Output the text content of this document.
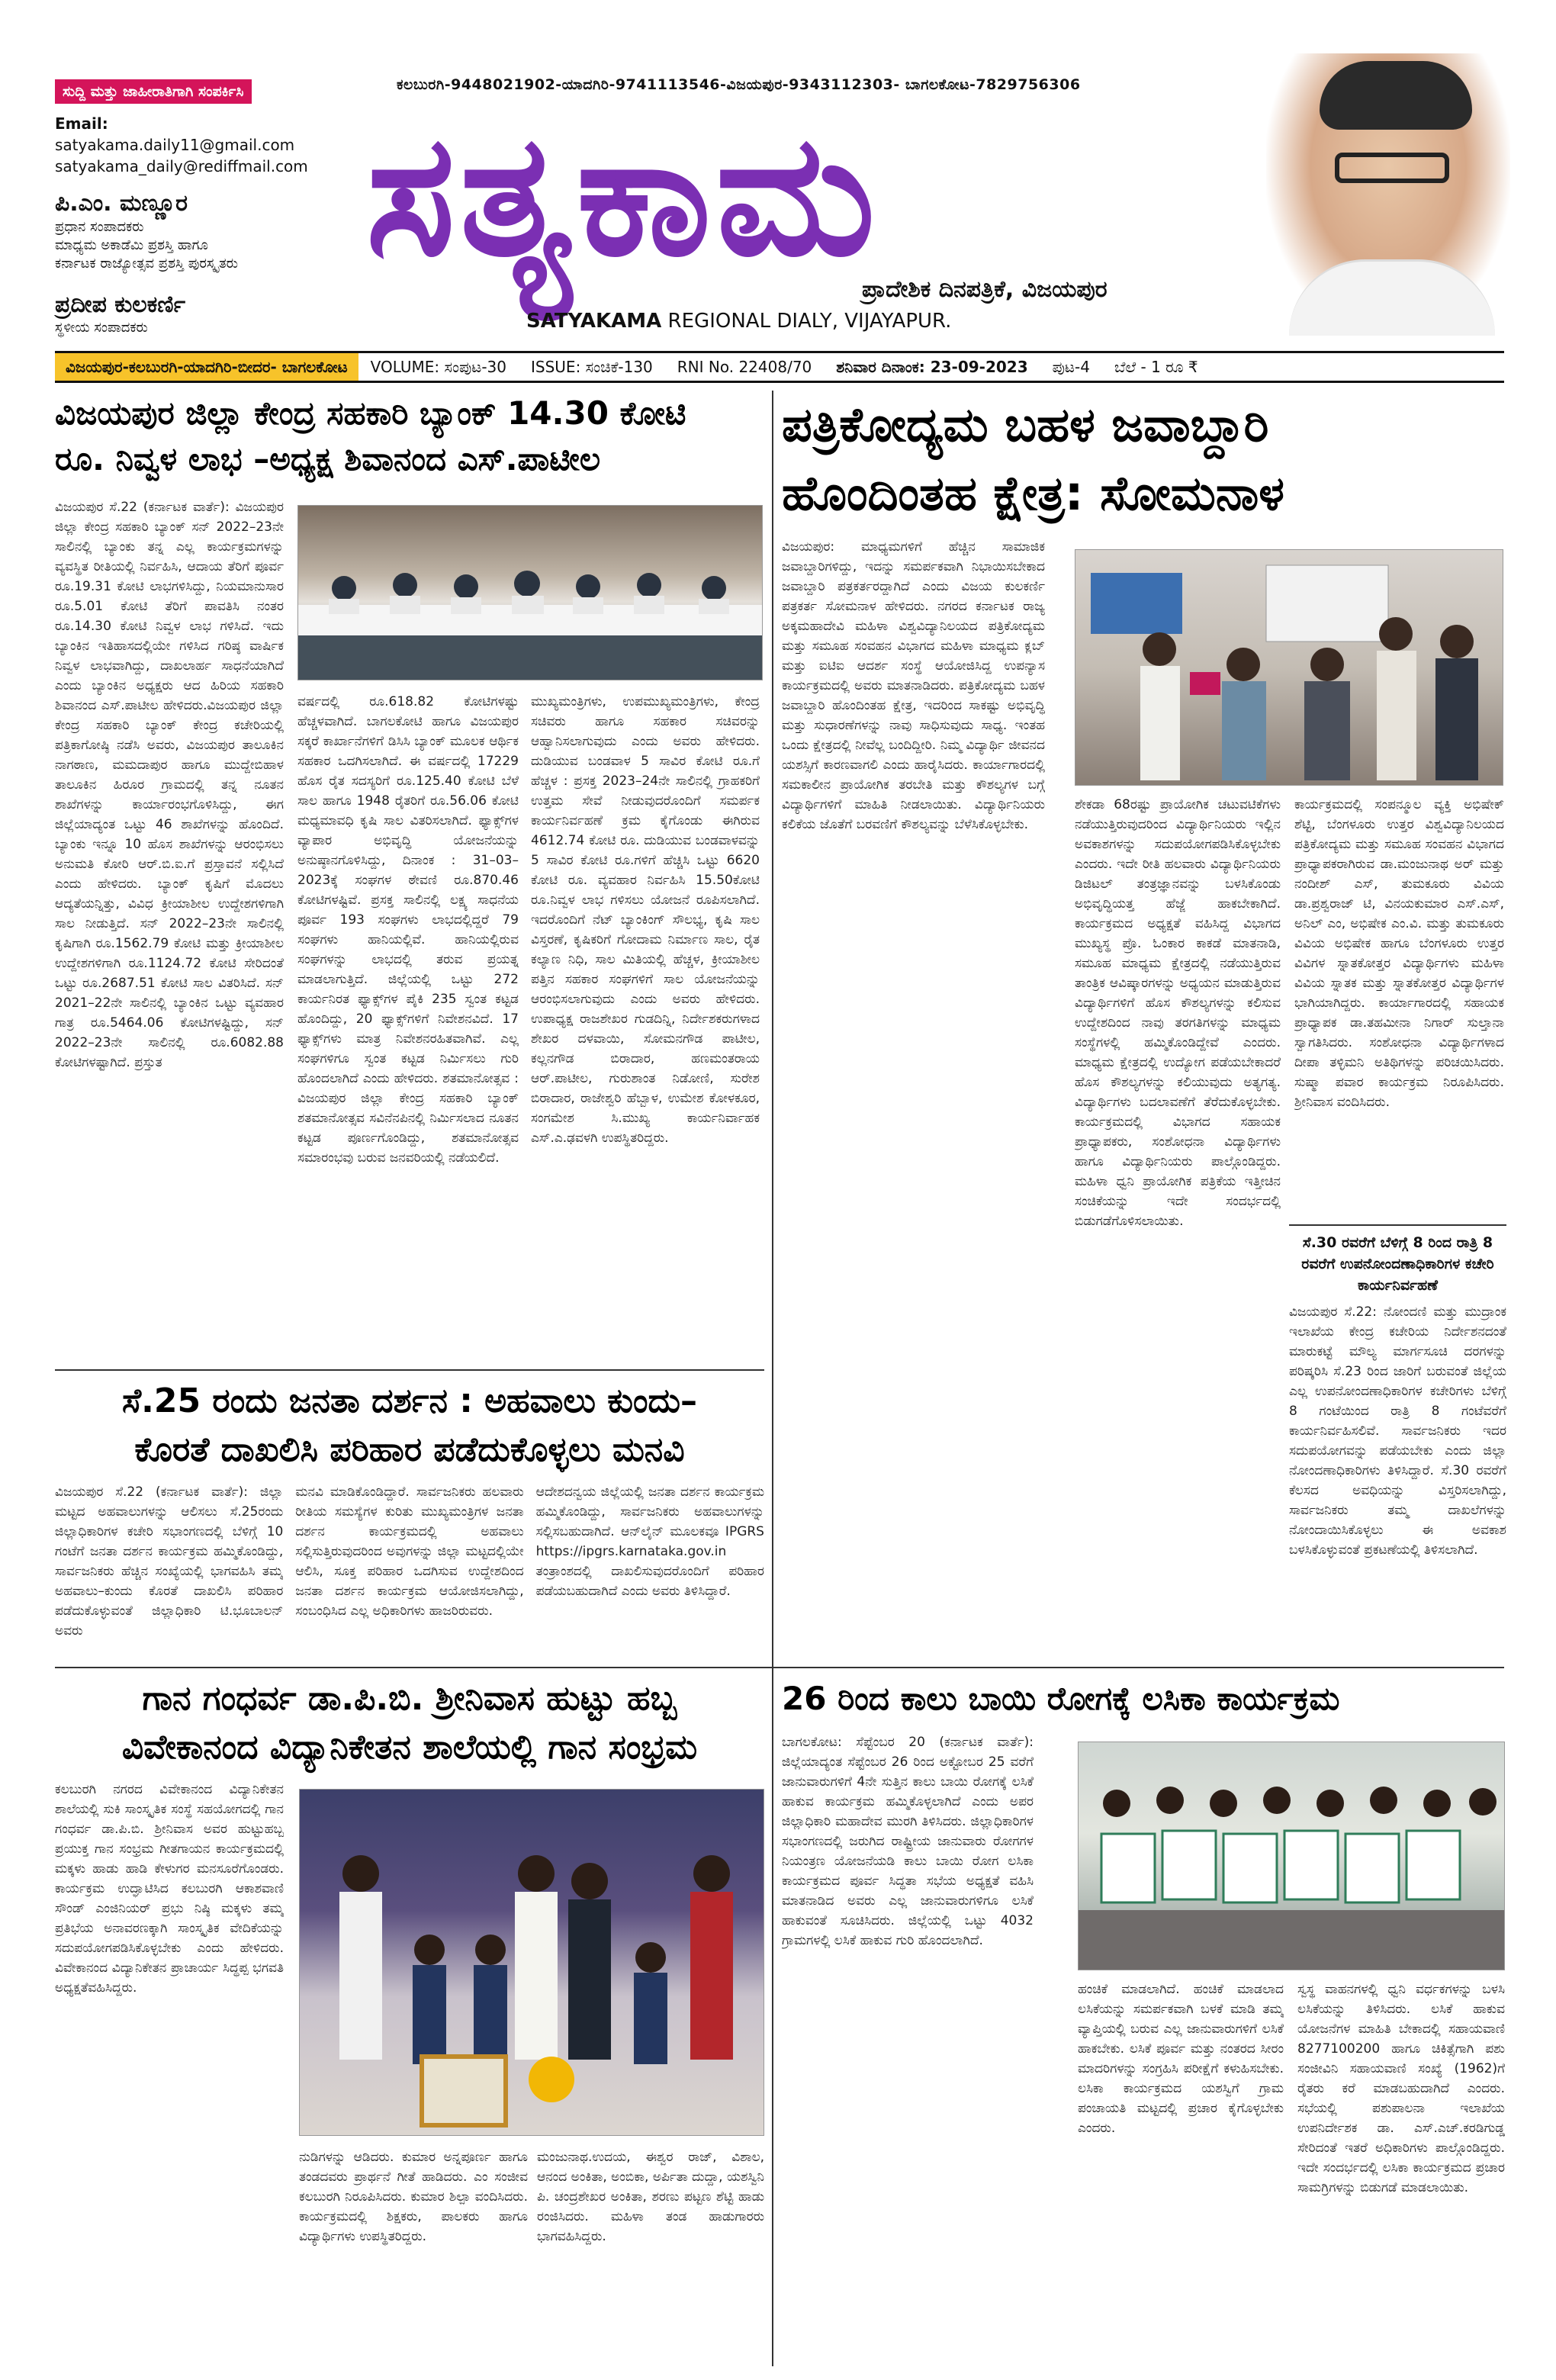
ಸುದ್ದಿ ಮತ್ತು ಜಾಹೀರಾತಿಗಾಗಿ ಸಂಪರ್ಕಿಸಿ
Email:
satyakama.daily11@gmail.com
satyakama_daily@rediffmail.com
ಪಿ.ಎಂ. ಮಣ್ಣೂರ
ಪ್ರಧಾನ ಸಂಪಾದಕರು
ಮಾಧ್ಯಮ ಅಕಾಡೆಮಿ ಪ್ರಶಸ್ತಿ ಹಾಗೂ
ಕರ್ನಾಟಕ ರಾಜ್ಯೋತ್ಸವ ಪ್ರಶಸ್ತಿ ಪುರಸ್ಕೃತರು
ಪ್ರದೀಪ ಕುಲಕರ್ಣಿ
ಸ್ಥಳೀಯ ಸಂಪಾದಕರು
ಕಲಬುರಗಿ-9448021902-ಯಾದಗಿರಿ-9741113546-ವಿಜಯಪುರ-9343112303- ಬಾಗಲಕೋಟ-7829756306
ಸತ್ಯಕಾಮ
ಪ್ರಾದೇಶಿಕ ದಿನಪತ್ರಿಕೆ, ವಿಜಯಪುರ
SATYAKAMA REGIONAL DIALY, VIJAYAPUR.
ವಿಜಯಪುರ-ಕಲಬುರಗಿ-ಯಾದಗಿರಿ-ಬೀದರ- ಬಾಗಲಕೋಟ	VOLUME: ಸಂಪುಟ-30	ISSUE: ಸಂಚಿಕೆ-130	RNI No. 22408/70	ಶನಿವಾರ ದಿನಾಂಕ: 23-09-2023	ಪುಟ-4	ಬೆಲೆ - 1 ರೂ ₹
ವಿಜಯಪುರ ಜಿಲ್ಲಾ ಕೇಂದ್ರ ಸಹಕಾರಿ ಬ್ಯಾಂಕ್ 14.30 ಕೋಟಿ
ರೂ. ನಿವ್ವಳ ಲಾಭ –ಅಧ್ಯಕ್ಷ ಶಿವಾನಂದ ಎಸ್.ಪಾಟೀಲ
ವಿಜಯಪುರ ಸೆ.22 (ಕರ್ನಾಟಕ ವಾರ್ತೆ): ವಿಜಯಪುರ ಜಿಲ್ಲಾ ಕೇಂದ್ರ ಸಹಕಾರಿ ಬ್ಯಾಂಕ್ ಸನ್ 2022–23ನೇ ಸಾಲಿನಲ್ಲಿ ಬ್ಯಾಂಕು ತನ್ನ ಎಲ್ಲ ಕಾರ್ಯಕ್ರಮಗಳನ್ನು ವ್ಯವಸ್ಥಿತ ರೀತಿಯಲ್ಲಿ ನಿರ್ವಹಿಸಿ, ಆದಾಯ ತೆರಿಗೆ ಪೂರ್ವ ರೂ.19.31 ಕೋಟಿ ಲಾಭಗಳಿಸಿದ್ದು, ನಿಯಮಾನುಸಾರ ರೂ.5.01 ಕೋಟಿ ತೆರಿಗೆ ಪಾವತಿಸಿ ನಂತರ ರೂ.14.30 ಕೋಟಿ ನಿವ್ವಳ ಲಾಭ ಗಳಿಸಿದೆ. ಇದು ಬ್ಯಾಂಕಿನ ಇತಿಹಾಸದಲ್ಲಿಯೇ ಗಳಿಸಿದ ಗರಿಷ್ಠ ವಾರ್ಷಿಕ ನಿವ್ವಳ ಲಾಭವಾಗಿದ್ದು, ದಾಖಲಾರ್ಹ ಸಾಧನೆಯಾಗಿದೆ ಎಂದು ಬ್ಯಾಂಕಿನ ಅಧ್ಯಕ್ಷರು ಆದ ಹಿರಿಯ ಸಹಕಾರಿ ಶಿವಾನಂದ ಎಸ್.ಪಾಟೀಲ ಹೇಳಿದರು.ವಿಜಯಪುರ ಜಿಲ್ಲಾ ಕೇಂದ್ರ ಸಹಕಾರಿ ಬ್ಯಾಂಕ್ ಕೇಂದ್ರ ಕಚೇರಿಯಲ್ಲಿ ಪತ್ರಿಕಾಗೋಷ್ಠಿ ನಡೆಸಿ ಅವರು, ವಿಜಯಪುರ ತಾಲೂಕಿನ ನಾಗಠಾಣ, ಮಮದಾಪುರ ಹಾಗೂ ಮುದ್ದೇಬಿಹಾಳ ತಾಲೂಕಿನ ಹಿರೂರ ಗ್ರಾಮದಲ್ಲಿ ತನ್ನ ನೂತನ ಶಾಖೆಗಳನ್ನು ಕಾರ್ಯಾರಂಭಗೊಳಿಸಿದ್ದು, ಈಗ ಜಿಲ್ಲೆಯಾದ್ಯಂತ ಒಟ್ಟು 46 ಶಾಖೆಗಳನ್ನು ಹೊಂದಿದೆ. ಬ್ಯಾಂಕು ಇನ್ನೂ 10 ಹೊಸ ಶಾಖೆಗಳನ್ನು ಆರಂಭಿಸಲು ಅನುಮತಿ ಕೋರಿ ಆರ್.ಬಿ.ಐ.ಗೆ ಪ್ರಸ್ತಾವನೆ ಸಲ್ಲಿಸಿದೆ ಎಂದು ಹೇಳಿದರು. ಬ್ಯಾಂಕ್ ಕೃಷಿಗೆ ಮೊದಲು ಆದ್ಯತೆಯನ್ನಿತ್ತು, ವಿವಿಧ ಕ್ರೀಯಾಶೀಲ ಉದ್ದೇಶಗಳಿಗಾಗಿ ಸಾಲ ನೀಡುತ್ತಿದೆ. ಸನ್ 2022–23ನೇ ಸಾಲಿನಲ್ಲಿ ಕೃಷಿಗಾಗಿ ರೂ.1562.79 ಕೋಟಿ ಮತ್ತು ಕ್ರೀಯಾಶೀಲ ಉದ್ದೇಶಗಳಿಗಾಗಿ ರೂ.1124.72 ಕೋಟಿ ಸೇರಿದಂತೆ ಒಟ್ಟು ರೂ.2687.51 ಕೋಟಿ ಸಾಲ ವಿತರಿಸಿದೆ. ಸನ್ 2021–22ನೇ ಸಾಲಿನಲ್ಲಿ ಬ್ಯಾಂಕಿನ ಒಟ್ಟು ವ್ಯವಹಾರ ಗಾತ್ರ ರೂ.5464.06 ಕೋಟಿಗಳಷ್ಟಿದ್ದು, ಸನ್ 2022–23ನೇ ಸಾಲಿನಲ್ಲಿ ರೂ.6082.88 ಕೋಟಿಗಳಷ್ಟಾಗಿದೆ. ಪ್ರಸ್ತುತ
ವರ್ಷದಲ್ಲಿ ರೂ.618.82 ಕೋಟಿಗಳಷ್ಟು ಹೆಚ್ಚಳವಾಗಿದೆ. ಬಾಗಲಕೋಟಿ ಹಾಗೂ ವಿಜಯಪುರ ಸಕ್ಕರೆ ಕಾರ್ಖಾನೆಗಳಿಗೆ ಡಿಸಿಸಿ ಬ್ಯಾಂಕ್ ಮೂಲಕ ಆರ್ಥಿಕ ಸಹಕಾರ ಒದಗಿಸಲಾಗಿದೆ. ಈ ವರ್ಷದಲ್ಲಿ 17229 ಹೊಸ ರೈತ ಸದಸ್ಯರಿಗೆ ರೂ.125.40 ಕೋಟಿ ಬೆಳೆ ಸಾಲ ಹಾಗೂ 1948 ರೈತರಿಗೆ ರೂ.56.06 ಕೋಟಿ ಮಧ್ಯಮಾವಧಿ ಕೃಷಿ ಸಾಲ ವಿತರಿಸಲಾಗಿದೆ. ಫ್ಯಾಕ್ಸ್‌ಗಳ ವ್ಯಾಪಾರ ಅಭಿವೃದ್ಧಿ ಯೋಜನೆಯನ್ನು ಅನುಷ್ಠಾನಗೊಳಿಸಿದ್ದು, ದಿನಾಂಕ : 31–03–2023ಕ್ಕೆ ಸಂಘಗಳ ಠೇವಣಿ ರೂ.870.46 ಕೋಟಿಗಳಷ್ಟಿವೆ. ಪ್ರಸಕ್ತ ಸಾಲಿನಲ್ಲಿ ಲಕ್ಷ್ಯ ಸಾಧನೆಯ ಪೂರ್ವ 193 ಸಂಘಗಳು ಲಾಭದಲ್ಲಿದ್ದರೆ 79 ಸಂಘಗಳು ಹಾನಿಯಲ್ಲಿವೆ. ಹಾನಿಯಲ್ಲಿರುವ ಸಂಘಗಳನ್ನು ಲಾಭದಲ್ಲಿ ತರುವ ಪ್ರಯತ್ನ ಮಾಡಲಾಗುತ್ತಿದೆ. ಜಿಲ್ಲೆಯಲ್ಲಿ ಒಟ್ಟು 272 ಕಾರ್ಯನಿರತ ಫ್ಯಾಕ್ಸ್‌ಗಳ ಪೈಕಿ 235 ಸ್ವಂತ ಕಟ್ಟಡ ಹೊಂದಿದ್ದು, 20 ಫ್ಯಾಕ್ಸ್‌ಗಳಿಗೆ ನಿವೇಶನವಿದೆ. 17 ಫ್ಯಾಕ್ಸ್‌ಗಳು ಮಾತ್ರ ನಿವೇಶನರಹಿತವಾಗಿವೆ. ಎಲ್ಲ ಸಂಘಗಳಿಗೂ ಸ್ವಂತ ಕಟ್ಟಡ ನಿರ್ಮಿಸಲು ಗುರಿ ಹೊಂದಲಾಗಿದೆ ಎಂದು ಹೇಳಿದರು. ಶತಮಾನೋತ್ಸವ : ವಿಜಯಪುರ ಜಿಲ್ಲಾ ಕೇಂದ್ರ ಸಹಕಾರಿ ಬ್ಯಾಂಕ್ ಶತಮಾನೋತ್ಸವ ಸವಿನೆನಪಿನಲ್ಲಿ ನಿರ್ಮಿಸಲಾದ ನೂತನ ಕಟ್ಟಡ ಪೂರ್ಣಗೊಂಡಿದ್ದು, ಶತಮಾನೋತ್ಸವ ಸಮಾರಂಭವು ಬರುವ ಜನವರಿಯಲ್ಲಿ ನಡೆಯಲಿದೆ.
ಮುಖ್ಯಮಂತ್ರಿಗಳು, ಉಪಮುಖ್ಯಮಂತ್ರಿಗಳು, ಕೇಂದ್ರ ಸಚಿವರು ಹಾಗೂ ಸಹಕಾರ ಸಚಿವರನ್ನು ಆಹ್ವಾನಿಸಲಾಗುವುದು ಎಂದು ಅವರು ಹೇಳಿದರು. ದುಡಿಯುವ ಬಂಡವಾಳ 5 ಸಾವಿರ ಕೋಟಿ ರೂ.ಗೆ ಹೆಚ್ಚಳ : ಪ್ರಸಕ್ತ 2023–24ನೇ ಸಾಲಿನಲ್ಲಿ ಗ್ರಾಹಕರಿಗೆ ಉತ್ತಮ ಸೇವೆ ನೀಡುವುದರೊಂದಿಗೆ ಸಮರ್ಪಕ ಕಾರ್ಯನಿರ್ವಹಣೆ ಕ್ರಮ ಕೈಗೊಂಡು ಈಗಿರುವ 4612.74 ಕೋಟಿ ರೂ. ದುಡಿಯುವ ಬಂಡವಾಳವನ್ನು 5 ಸಾವಿರ ಕೋಟಿ ರೂ.ಗಳಿಗೆ ಹೆಚ್ಚಿಸಿ ಒಟ್ಟು 6620 ಕೋಟಿ ರೂ. ವ್ಯವಹಾರ ನಿರ್ವಹಿಸಿ 15.50ಕೋಟಿ ರೂ.ನಿವ್ವಳ ಲಾಭ ಗಳಿಸಲು ಯೋಜನೆ ರೂಪಿಸಲಾಗಿದೆ. ಇದರೊಂದಿಗೆ ನೆಟ್ ಬ್ಯಾಂಕಿಂಗ್ ಸೌಲಭ್ಯ, ಕೃಷಿ ಸಾಲ ವಿಸ್ತರಣೆ, ಕೃಷಿಕರಿಗೆ ಗೋದಾಮ ನಿರ್ಮಾಣ ಸಾಲ, ರೈತ ಕಲ್ಯಾಣ ನಿಧಿ, ಸಾಲ ಮಿತಿಯಲ್ಲಿ ಹೆಚ್ಚಳ, ಕ್ರೀಯಾಶೀಲ ಪತ್ತಿನ ಸಹಕಾರ ಸಂಘಗಳಿಗೆ ಸಾಲ ಯೋಜನೆಯನ್ನು ಆರಂಭಿಸಲಾಗುವುದು ಎಂದು ಅವರು ಹೇಳಿದರು. ಉಪಾಧ್ಯಕ್ಷ ರಾಜಶೇಖರ ಗುಡದಿನ್ನಿ, ನಿರ್ದೇಶಕರುಗಳಾದ ಶೇಖರ ದಳವಾಯಿ, ಸೋಮನಗೌಡ ಪಾಟೀಲ, ಕಲ್ಲನಗೌಡ ಬಿರಾದಾರ, ಹಣಮಂತರಾಯ ಆರ್.ಪಾಟೀಲ, ಗುರುಶಾಂತ ನಿಡೋಣಿ, ಸುರೇಶ ಬಿರಾದಾರ, ರಾಜೇಶ್ವರಿ ಹೆಬ್ಬಾಳ, ಉಮೇಶ ಕೋಳಕೂರ, ಸಂಗಮೇಶ ಸಿ.ಮುಖ್ಯ ಕಾರ್ಯನಿರ್ವಾಹಕ ಎಸ್.ಎ.ಢವಳಗಿ ಉಪಸ್ಥಿತರಿದ್ದರು.
ಪತ್ರಿಕೋದ್ಯಮ ಬಹಳ ಜವಾಬ್ದಾರಿ
ಹೊಂದಿಂತಹ ಕ್ಷೇತ್ರ: ಸೋಮನಾಳ
ವಿಜಯಪುರ: ಮಾಧ್ಯಮಗಳಿಗೆ ಹೆಚ್ಚಿನ ಸಾಮಾಜಿಕ ಜವಾಬ್ದಾರಿಗಳಿದ್ದು, ಇದನ್ನು ಸಮರ್ಪಕವಾಗಿ ನಿಭಾಯಿಸಬೇಕಾದ ಜವಾಬ್ದಾರಿ ಪತ್ರಕರ್ತರದ್ದಾಗಿದೆ ಎಂದು ವಿಜಯ ಕುಲಕರ್ಣಿ ಪತ್ರಕರ್ತ ಸೋಮನಾಳ ಹೇಳಿದರು. ನಗರದ ಕರ್ನಾಟಕ ರಾಜ್ಯ ಅಕ್ಕಮಹಾದೇವಿ ಮಹಿಳಾ ವಿಶ್ವವಿದ್ಯಾನಿಲಯದ ಪತ್ರಿಕೋದ್ಯಮ ಮತ್ತು ಸಮೂಹ ಸಂವಹನ ವಿಭಾಗದ ಮಹಿಳಾ ಮಾಧ್ಯಮ ಕ್ಲಬ್ ಮತ್ತು ಐಟಿಐ ಆದರ್ಶ ಸಂಸ್ಥೆ ಆಯೋಜಿಸಿದ್ದ ಉಪನ್ಯಾಸ ಕಾರ್ಯಕ್ರಮದಲ್ಲಿ ಅವರು ಮಾತನಾಡಿದರು. ಪತ್ರಿಕೋದ್ಯಮ ಬಹಳ ಜವಾಬ್ದಾರಿ ಹೊಂದಿಂತಹ ಕ್ಷೇತ್ರ, ಇದರಿಂದ ಸಾಕಷ್ಟು ಅಭಿವೃದ್ಧಿ ಮತ್ತು ಸುಧಾರಣೆಗಳನ್ನು ನಾವು ಸಾಧಿಸುವುದು ಸಾಧ್ಯ. ಇಂತಹ ಒಂದು ಕ್ಷೇತ್ರದಲ್ಲಿ ನೀವೆಲ್ಲ ಬಂದಿದ್ದೀರಿ. ನಿಮ್ಮ ವಿದ್ಯಾರ್ಥಿ ಜೀವನದ ಯಶಸ್ಸಿಗೆ ಕಾರಣವಾಗಲಿ ಎಂದು ಹಾರೈಸಿದರು. ಕಾರ್ಯಾಗಾರದಲ್ಲಿ ಸಮಕಾಲೀನ ಪ್ರಾಯೋಗಿಕ ತರಬೇತಿ ಮತ್ತು ಕೌಶಲ್ಯಗಳ ಬಗ್ಗೆ ವಿದ್ಯಾರ್ಥಿಗಳಿಗೆ ಮಾಹಿತಿ ನೀಡಲಾಯಿತು. ವಿದ್ಯಾರ್ಥಿನಿಯರು ಕಲಿಕೆಯ ಜೊತೆಗೆ ಬರವಣಿಗೆ ಕೌಶಲ್ಯವನ್ನು ಬೆಳೆಸಿಕೊಳ್ಳಬೇಕು.
ಶೇಕಡಾ 68ರಷ್ಟು ಪ್ರಾಯೋಗಿಕ ಚಟುವಟಿಕೆಗಳು ನಡೆಯುತ್ತಿರುವುದರಿಂದ ವಿದ್ಯಾರ್ಥಿನಿಯರು ಇಲ್ಲಿನ ಅವಕಾಶಗಳನ್ನು ಸದುಪಯೋಗಪಡಿಸಿಕೊಳ್ಳಬೇಕು ಎಂದರು. ಇದೇ ರೀತಿ ಹಲವಾರು ವಿದ್ಯಾರ್ಥಿನಿಯರು ಡಿಜಿಟಲ್ ತಂತ್ರಜ್ಞಾನವನ್ನು ಬಳಸಿಕೊಂಡು ಅಭಿವೃದ್ಧಿಯತ್ತ ಹೆಜ್ಜೆ ಹಾಕಬೇಕಾಗಿದೆ. ಕಾರ್ಯಕ್ರಮದ ಅಧ್ಯಕ್ಷತೆ ವಹಿಸಿದ್ದ ವಿಭಾಗದ ಮುಖ್ಯಸ್ಥ ಪ್ರೊ. ಓಂಕಾರ ಕಾಕಡೆ ಮಾತನಾಡಿ, ಸಮೂಹ ಮಾಧ್ಯಮ ಕ್ಷೇತ್ರದಲ್ಲಿ ನಡೆಯುತ್ತಿರುವ ತಾಂತ್ರಿಕ ಆವಿಷ್ಕಾರಗಳನ್ನು ಅಧ್ಯಯನ ಮಾಡುತ್ತಿರುವ ವಿದ್ಯಾರ್ಥಿಗಳಿಗೆ ಹೊಸ ಕೌಶಲ್ಯಗಳನ್ನು ಕಲಿಸುವ ಉದ್ದೇಶದಿಂದ ನಾವು ತರಗತಿಗಳನ್ನು ಮಾಧ್ಯಮ ಸಂಸ್ಥೆಗಳಲ್ಲಿ ಹಮ್ಮಿಕೊಂಡಿದ್ದೇವೆ ಎಂದರು. ಮಾಧ್ಯಮ ಕ್ಷೇತ್ರದಲ್ಲಿ ಉದ್ಯೋಗ ಪಡೆಯಬೇಕಾದರೆ ಹೊಸ ಕೌಶಲ್ಯಗಳನ್ನು ಕಲಿಯುವುದು ಅತ್ಯಗತ್ಯ. ವಿದ್ಯಾರ್ಥಿಗಳು ಬದಲಾವಣೆಗೆ ತೆರೆದುಕೊಳ್ಳಬೇಕು. ಕಾರ್ಯಕ್ರಮದಲ್ಲಿ ವಿಭಾಗದ ಸಹಾಯಕ ಪ್ರಾಧ್ಯಾಪಕರು, ಸಂಶೋಧನಾ ವಿದ್ಯಾರ್ಥಿಗಳು ಹಾಗೂ ವಿದ್ಯಾರ್ಥಿನಿಯರು ಪಾಲ್ಗೊಂಡಿದ್ದರು. ಮಹಿಳಾ ಧ್ವನಿ ಪ್ರಾಯೋಗಿಕ ಪತ್ರಿಕೆಯ ಇತ್ತೀಚಿನ ಸಂಚಿಕೆಯನ್ನು ಇದೇ ಸಂದರ್ಭದಲ್ಲಿ ಬಿಡುಗಡೆಗೊಳಿಸಲಾಯಿತು.
ಕಾರ್ಯಕ್ರಮದಲ್ಲಿ ಸಂಪನ್ಮೂಲ ವ್ಯಕ್ತಿ ಅಭಿಷೇಕ್ ಶೆಟ್ಟಿ, ಬೆಂಗಳೂರು ಉತ್ತರ ವಿಶ್ವವಿದ್ಯಾನಿಲಯದ ಪತ್ರಿಕೋದ್ಯಮ ಮತ್ತು ಸಮೂಹ ಸಂವಹನ ವಿಭಾಗದ ಪ್ರಾಧ್ಯಾಪಕರಾಗಿರುವ ಡಾ.ಮಂಜುನಾಥ ಅರ್ ಮತ್ತು ನಂದೀಶ್ ಎಸ್, ತುಮಕೂರು ವಿವಿಯ ಡಾ.ಪ್ರಶ್ವರಾಜ್ ಟಿ, ವಿನಯಕುಮಾರ ಎಸ್.ಎಸ್, ಅನಿಲ್ ಎಂ, ಅಭಿಷೇಕ ಎಂ.ವಿ. ಮತ್ತು ತುಮಕೂರು ವಿವಿಯ ಅಭಿಷೇಕ ಹಾಗೂ ಬೆಂಗಳೂರು ಉತ್ತರ ವಿವಿಗಳ ಸ್ನಾತಕೋತ್ತರ ವಿದ್ಯಾರ್ಥಿಗಳು ಮಹಿಳಾ ವಿವಿಯ ಸ್ನಾತಕ ಮತ್ತು ಸ್ನಾತಕೋತ್ತರ ವಿದ್ಯಾರ್ಥಿಗಳ ಭಾಗಿಯಾಗಿದ್ದರು. ಕಾರ್ಯಾಗಾರದಲ್ಲಿ ಸಹಾಯಕ ಪ್ರಾಧ್ಯಾಪಕ ಡಾ.ತಹಮೀನಾ ನಿಗಾರ್ ಸುಲ್ತಾನಾ ಸ್ವಾಗತಿಸಿದರು. ಸಂಶೋಧನಾ ವಿದ್ಯಾರ್ಥಿಗಳಾದ ದೀಪಾ ತಳ್ಳಿಮನಿ ಅತಿಥಿಗಳನ್ನು ಪರಿಚಯಿಸಿದರು. ಸುಷ್ಮಾ ಪವಾರ ಕಾರ್ಯಕ್ರಮ ನಿರೂಪಿಸಿದರು. ಶ್ರೀನಿವಾಸ ವಂದಿಸಿದರು.
ಸೆ.30 ರವರೆಗೆ ಬೆಳಿಗ್ಗೆ 8 ರಿಂದ ರಾತ್ರಿ 8 ರವರೆಗೆ ಉಪನೋಂದಣಾಧಿಕಾರಿಗಳ ಕಚೇರಿ ಕಾರ್ಯನಿರ್ವಹಣೆ
ವಿಜಯಪುರ ಸೆ.22: ನೋಂದಣಿ ಮತ್ತು ಮುದ್ರಾಂಕ ಇಲಾಖೆಯ ಕೇಂದ್ರ ಕಚೇರಿಯ ನಿರ್ದೇಶನದಂತೆ ಮಾರುಕಟ್ಟೆ ಮೌಲ್ಯ ಮಾರ್ಗಸೂಚಿ ದರಗಳನ್ನು ಪರಿಷ್ಕರಿಸಿ ಸೆ.23 ರಿಂದ ಜಾರಿಗೆ ಬರುವಂತೆ ಜಿಲ್ಲೆಯ ಎಲ್ಲ ಉಪನೋಂದಣಾಧಿಕಾರಿಗಳ ಕಚೇರಿಗಳು ಬೆಳಿಗ್ಗೆ 8 ಗಂಟೆಯಿಂದ ರಾತ್ರಿ 8 ಗಂಟೆವರೆಗೆ ಕಾರ್ಯನಿರ್ವಹಿಸಲಿವೆ. ಸಾರ್ವಜನಿಕರು ಇದರ ಸದುಪಯೋಗವನ್ನು ಪಡೆಯಬೇಕು ಎಂದು ಜಿಲ್ಲಾ ನೋಂದಣಾಧಿಕಾರಿಗಳು ತಿಳಿಸಿದ್ದಾರೆ. ಸೆ.30 ರವರೆಗೆ ಕೆಲಸದ ಅವಧಿಯನ್ನು ವಿಸ್ತರಿಸಲಾಗಿದ್ದು, ಸಾರ್ವಜನಿಕರು ತಮ್ಮ ದಾಖಲೆಗಳನ್ನು ನೋಂದಾಯಿಸಿಕೊಳ್ಳಲು ಈ ಅವಕಾಶ ಬಳಸಿಕೊಳ್ಳುವಂತೆ ಪ್ರಕಟಣೆಯಲ್ಲಿ ತಿಳಿಸಲಾಗಿದೆ.
ಸೆ.25 ರಂದು ಜನತಾ ದರ್ಶನ : ಅಹವಾಲು ಕುಂದು–
ಕೊರತೆ ದಾಖಲಿಸಿ ಪರಿಹಾರ ಪಡೆದುಕೊಳ್ಳಲು ಮನವಿ
ವಿಜಯಪುರ ಸೆ.22 (ಕರ್ನಾಟಕ ವಾರ್ತೆ): ಜಿಲ್ಲಾ ಮಟ್ಟದ ಅಹವಾಲುಗಳನ್ನು ಆಲಿಸಲು ಸೆ.25ರಂದು ಜಿಲ್ಲಾಧಿಕಾರಿಗಳ ಕಚೇರಿ ಸಭಾಂಗಣದಲ್ಲಿ ಬೆಳಿಗ್ಗೆ 10 ಗಂಟೆಗೆ ಜನತಾ ದರ್ಶನ ಕಾರ್ಯಕ್ರಮ ಹಮ್ಮಿಕೊಂಡಿದ್ದು, ಸಾರ್ವಜನಿಕರು ಹೆಚ್ಚಿನ ಸಂಖ್ಯೆಯಲ್ಲಿ ಭಾಗವಹಿಸಿ ತಮ್ಮ ಅಹವಾಲು–ಕುಂದು ಕೊರತೆ ದಾಖಲಿಸಿ ಪರಿಹಾರ ಪಡೆದುಕೊಳ್ಳುವಂತೆ ಜಿಲ್ಲಾಧಿಕಾರಿ ಟಿ.ಭೂಬಾಲನ್ ಅವರು
ಮನವಿ ಮಾಡಿಕೊಂಡಿದ್ದಾರೆ. ಸಾರ್ವಜನಿಕರು ಹಲವಾರು ರೀತಿಯ ಸಮಸ್ಯೆಗಳ ಕುರಿತು ಮುಖ್ಯಮಂತ್ರಿಗಳ ಜನತಾ ದರ್ಶನ ಕಾರ್ಯಕ್ರಮದಲ್ಲಿ ಅಹವಾಲು ಸಲ್ಲಿಸುತ್ತಿರುವುದರಿಂದ ಅವುಗಳನ್ನು ಜಿಲ್ಲಾ ಮಟ್ಟದಲ್ಲಿಯೇ ಆಲಿಸಿ, ಸೂಕ್ತ ಪರಿಹಾರ ಒದಗಿಸುವ ಉದ್ದೇಶದಿಂದ ಜನತಾ ದರ್ಶನ ಕಾರ್ಯಕ್ರಮ ಆಯೋಜಿಸಲಾಗಿದ್ದು, ಸಂಬಂಧಿಸಿದ ಎಲ್ಲ ಅಧಿಕಾರಿಗಳು ಹಾಜರಿರುವರು.
ಆದೇಶದನ್ವಯ ಜಿಲ್ಲೆಯಲ್ಲಿ ಜನತಾ ದರ್ಶನ ಕಾರ್ಯಕ್ರಮ ಹಮ್ಮಿಕೊಂಡಿದ್ದು, ಸಾರ್ವಜನಿಕರು ಅಹವಾಲುಗಳನ್ನು ಸಲ್ಲಿಸಬಹುದಾಗಿದೆ. ಆನ್‌ಲೈನ್ ಮೂಲಕವೂ IPGRS https://ipgrs.karnataka.gov.in ತಂತ್ರಾಂಶದಲ್ಲಿ ದಾಖಲಿಸುವುದರೊಂದಿಗೆ ಪರಿಹಾರ ಪಡೆಯಬಹುದಾಗಿದೆ ಎಂದು ಅವರು ತಿಳಿಸಿದ್ದಾರೆ.
ಗಾನ ಗಂಧರ್ವ ಡಾ.ಪಿ.ಬಿ. ಶ್ರೀನಿವಾಸ ಹುಟ್ಟು ಹಬ್ಬ
ವಿವೇಕಾನಂದ ವಿದ್ಯಾನಿಕೇತನ ಶಾಲೆಯಲ್ಲಿ ಗಾನ ಸಂಭ್ರಮ
ಕಲಬುರಗಿ ನಗರದ ವಿವೇಕಾನಂದ ವಿದ್ಯಾನಿಕೇತನ ಶಾಲೆಯಲ್ಲಿ ಸುಕಿ ಸಾಂಸ್ಕೃತಿಕ ಸಂಸ್ಥೆ ಸಹಯೋಗದಲ್ಲಿ ಗಾನ ಗಂಧರ್ವ ಡಾ.ಪಿ.ಬಿ. ಶ್ರೀನಿವಾಸ ಅವರ ಹುಟ್ಟುಹಬ್ಬ ಪ್ರಯುಕ್ತ ಗಾನ ಸಂಭ್ರಮ ಗೀತಗಾಯನ ಕಾರ್ಯಕ್ರಮದಲ್ಲಿ ಮಕ್ಕಳು ಹಾಡು ಹಾಡಿ ಕೇಳುಗರ ಮನಸೂರೆಗೊಂಡರು. ಕಾರ್ಯಕ್ರಮ ಉದ್ಘಾಟಿಸಿದ ಕಲಬುರಗಿ ಆಕಾಶವಾಣಿ ಸೌಂಡ್ ಎಂಜಿನಿಯರ್ ಪ್ರಭು ನಿಷ್ಠಿ ಮಕ್ಕಳು ತಮ್ಮ ಪ್ರತಿಭೆಯ ಅನಾವರಣಕ್ಕಾಗಿ ಸಾಂಸ್ಕೃತಿಕ ವೇದಿಕೆಯನ್ನು ಸದುಪಯೋಗಪಡಿಸಿಕೊಳ್ಳಬೇಕು ಎಂದು ಹೇಳಿದರು. ವಿವೇಕಾನಂದ ವಿದ್ಯಾನಿಕೇತನ ಪ್ರಾಚಾರ್ಯ ಸಿದ್ಧಪ್ಪ ಭಗವತಿ ಅಧ್ಯಕ್ಷತೆವಹಿಸಿದ್ದರು.
ನುಡಿಗಳನ್ನು ಆಡಿದರು. ಕುಮಾರ ಅನ್ನಪೂರ್ಣ ಹಾಗೂ ತಂಡದವರು ಪ್ರಾರ್ಥನೆ ಗೀತೆ ಹಾಡಿದರು. ಎಂ ಸಂಜೀವ ಕಲಬುರಗಿ ನಿರೂಪಿಸಿದರು. ಕುಮಾರ ಶಿಲ್ಪಾ ವಂದಿಸಿದರು. ಕಾರ್ಯಕ್ರಮದಲ್ಲಿ ಶಿಕ್ಷಕರು, ಪಾಲಕರು ಹಾಗೂ ವಿದ್ಯಾರ್ಥಿಗಳು ಉಪಸ್ಥಿತರಿದ್ದರು.
ಮಂಜುನಾಥ.ಉದಯ, ಈಶ್ವರ ರಾಜ್, ವಿಶಾಲ, ಆನಂದ ಅಂಕಿತಾ, ಅಂಬಿಕಾ, ಅರ್ಪಿತಾ ದುದ್ದಾ, ಯಶಸ್ವಿನಿ ಪಿ. ಚಂದ್ರಶೇಖರ ಅಂಕಿತಾ, ಶರಣು ಪಟ್ಟಣ ಶೆಟ್ಟಿ ಹಾಡು ರಂಜಿಸಿದರು. ಮಹಿಳಾ ತಂಡ ಹಾಡುಗಾರರು ಭಾಗವಹಿಸಿದ್ದರು.
26 ರಿಂದ ಕಾಲು ಬಾಯಿ ರೋಗಕ್ಕೆ ಲಸಿಕಾ ಕಾರ್ಯಕ್ರಮ
ಬಾಗಲಕೋಟ: ಸೆಪ್ಟೆಂಬರ 20 (ಕರ್ನಾಟಕ ವಾರ್ತೆ): ಜಿಲ್ಲೆಯಾದ್ಯಂತ ಸೆಪ್ಟೆಂಬರ 26 ರಿಂದ ಅಕ್ಟೋಬರ 25 ವರೆಗೆ ಜಾನುವಾರುಗಳಿಗೆ 4ನೇ ಸುತ್ತಿನ ಕಾಲು ಬಾಯಿ ರೋಗಕ್ಕೆ ಲಸಿಕೆ ಹಾಕುವ ಕಾರ್ಯಕ್ರಮ ಹಮ್ಮಿಕೊಳ್ಳಲಾಗಿದೆ ಎಂದು ಅಪರ ಜಿಲ್ಲಾಧಿಕಾರಿ ಮಹಾದೇವ ಮುರಗಿ ತಿಳಿಸಿದರು. ಜಿಲ್ಲಾಧಿಕಾರಿಗಳ ಸಭಾಂಗಣದಲ್ಲಿ ಜರುಗಿದ ರಾಷ್ಟ್ರೀಯ ಜಾನುವಾರು ರೋಗಗಳ ನಿಯಂತ್ರಣ ಯೋಜನೆಯಡಿ ಕಾಲು ಬಾಯಿ ರೋಗ ಲಸಿಕಾ ಕಾರ್ಯಕ್ರಮದ ಪೂರ್ವ ಸಿದ್ಧತಾ ಸಭೆಯ ಅಧ್ಯಕ್ಷತೆ ವಹಿಸಿ ಮಾತನಾಡಿದ ಅವರು ಎಲ್ಲ ಜಾನುವಾರುಗಳಿಗೂ ಲಸಿಕೆ ಹಾಕುವಂತೆ ಸೂಚಿಸಿದರು. ಜಿಲ್ಲೆಯಲ್ಲಿ ಒಟ್ಟು 4032 ಗ್ರಾಮಗಳಲ್ಲಿ ಲಸಿಕೆ ಹಾಕುವ ಗುರಿ ಹೊಂದಲಾಗಿದೆ.
ಹಂಚಿಕೆ ಮಾಡಲಾಗಿದೆ. ಹಂಚಿಕೆ ಮಾಡಲಾದ ಲಸಿಕೆಯನ್ನು ಸಮರ್ಪಕವಾಗಿ ಬಳಕೆ ಮಾಡಿ ತಮ್ಮ ವ್ಯಾಪ್ತಿಯಲ್ಲಿ ಬರುವ ಎಲ್ಲ ಜಾನುವಾರುಗಳಿಗೆ ಲಸಿಕೆ ಹಾಕಬೇಕು. ಲಸಿಕೆ ಪೂರ್ವ ಮತ್ತು ನಂತರದ ಸೀರಂ ಮಾದರಿಗಳನ್ನು ಸಂಗ್ರಹಿಸಿ ಪರೀಕ್ಷೆಗೆ ಕಳುಹಿಸಬೇಕು. ಲಸಿಕಾ ಕಾರ್ಯಕ್ರಮದ ಯಶಸ್ವಿಗೆ ಗ್ರಾಮ ಪಂಚಾಯತಿ ಮಟ್ಟದಲ್ಲಿ ಪ್ರಚಾರ ಕೈಗೊಳ್ಳಬೇಕು ಎಂದರು.
ಸ್ವಸ್ಥ ವಾಹನಗಳಲ್ಲಿ ಧ್ವನಿ ವರ್ಧಕಗಳನ್ನು ಬಳಸಿ ಲಸಿಕೆಯನ್ನು ತಿಳಿಸಿದರು. ಲಸಿಕೆ ಹಾಕುವ ಯೋಜನೆಗಳ ಮಾಹಿತಿ ಬೇಕಾದಲ್ಲಿ ಸಹಾಯವಾಣಿ 8277100200 ಹಾಗೂ ಚಿಕಿತ್ಸೆಗಾಗಿ ಪಶು ಸಂಜೀವಿನಿ ಸಹಾಯವಾಣಿ ಸಂಖ್ಯೆ (1962)ಗೆ ರೈತರು ಕರೆ ಮಾಡಬಹುದಾಗಿದೆ ಎಂದರು. ಸಭೆಯಲ್ಲಿ ಪಶುಪಾಲನಾ ಇಲಾಖೆಯ ಉಪನಿರ್ದೇಶಕ ಡಾ. ಎಸ್.ಎಚ್.ಕರಡಿಗುಡ್ಡ ಸೇರಿದಂತೆ ಇತರೆ ಅಧಿಕಾರಿಗಳು ಪಾಲ್ಗೊಂಡಿದ್ದರು. ಇದೇ ಸಂದರ್ಭದಲ್ಲಿ ಲಸಿಕಾ ಕಾರ್ಯಕ್ರಮದ ಪ್ರಚಾರ ಸಾಮಗ್ರಿಗಳನ್ನು ಬಿಡುಗಡೆ ಮಾಡಲಾಯಿತು.
